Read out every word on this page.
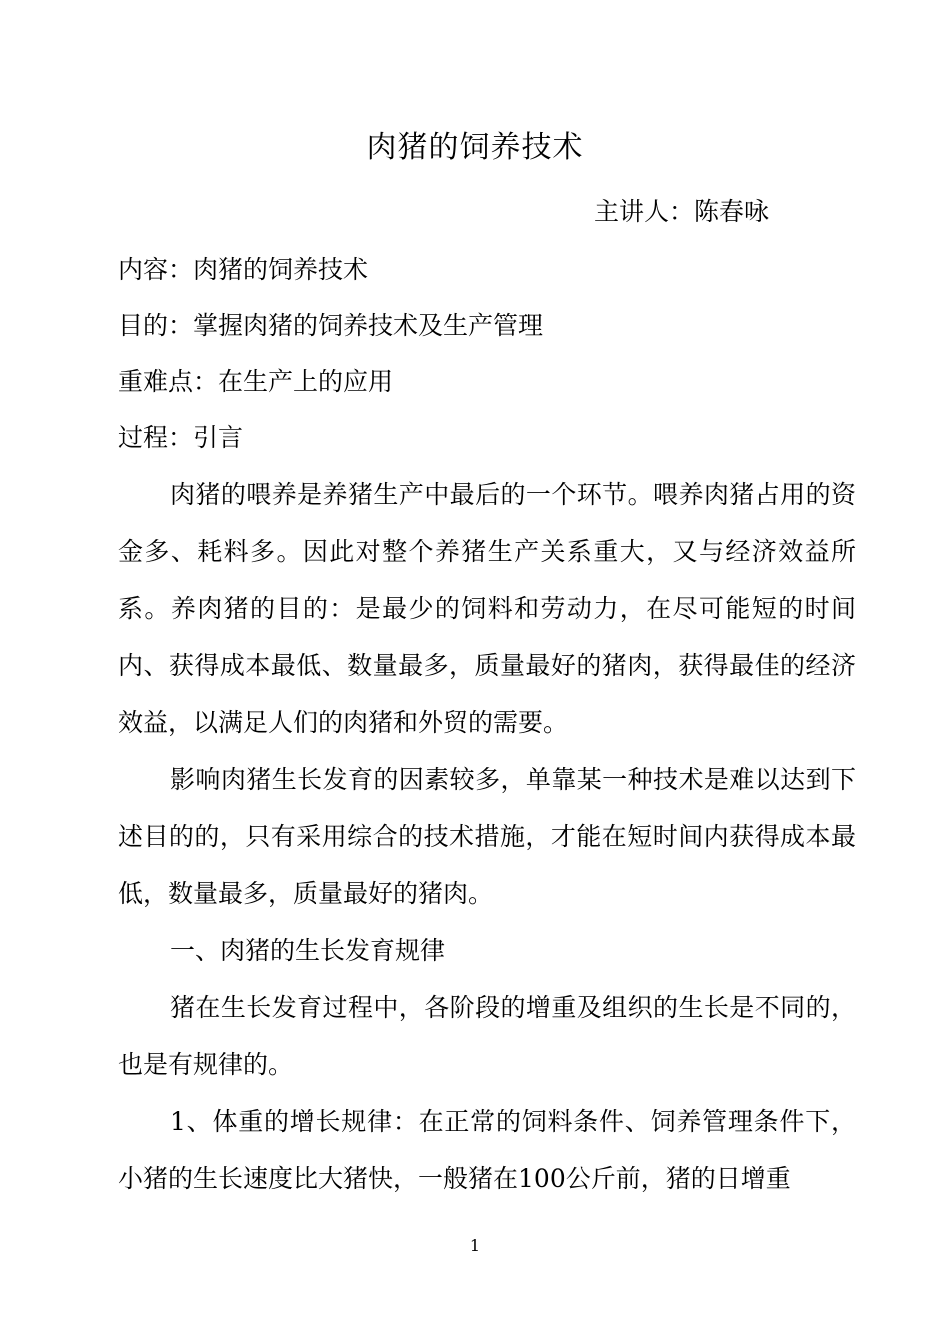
肉猪的饲养技术
主讲人：陈春咏
内容：肉猪的饲养技术
目的：掌握肉猪的饲养技术及生产管理
重难点：在生产上的应用
过程：引言

肉猪的喂养是养猪生产中最后的一个环节。喂养肉猪占用的资金多、耗料多。因此对整个养猪生产关系重大，又与经济效益所系。养肉猪的目的：是最少的饲料和劳动力，在尽可能短的时间内、获得成本最低、数量最多，质量最好的猪肉，获得最佳的经济效益，以满足人们的肉猪和外贸的需要。

影响肉猪生长发育的因素较多，单靠某一种技术是难以达到下述目的的，只有采用综合的技术措施，才能在短时间内获得成本最低，数量最多，质量最好的猪肉。

一、肉猪的生长发育规律

猪在生长发育过程中，各阶段的增重及组织的生长是不同的，也是有规律的。

1、体重的增长规律：在正常的饲料条件、饲养管理条件下，小猪的生长速度比大猪快，一般猪在100公斤前，猪的日增重

1
